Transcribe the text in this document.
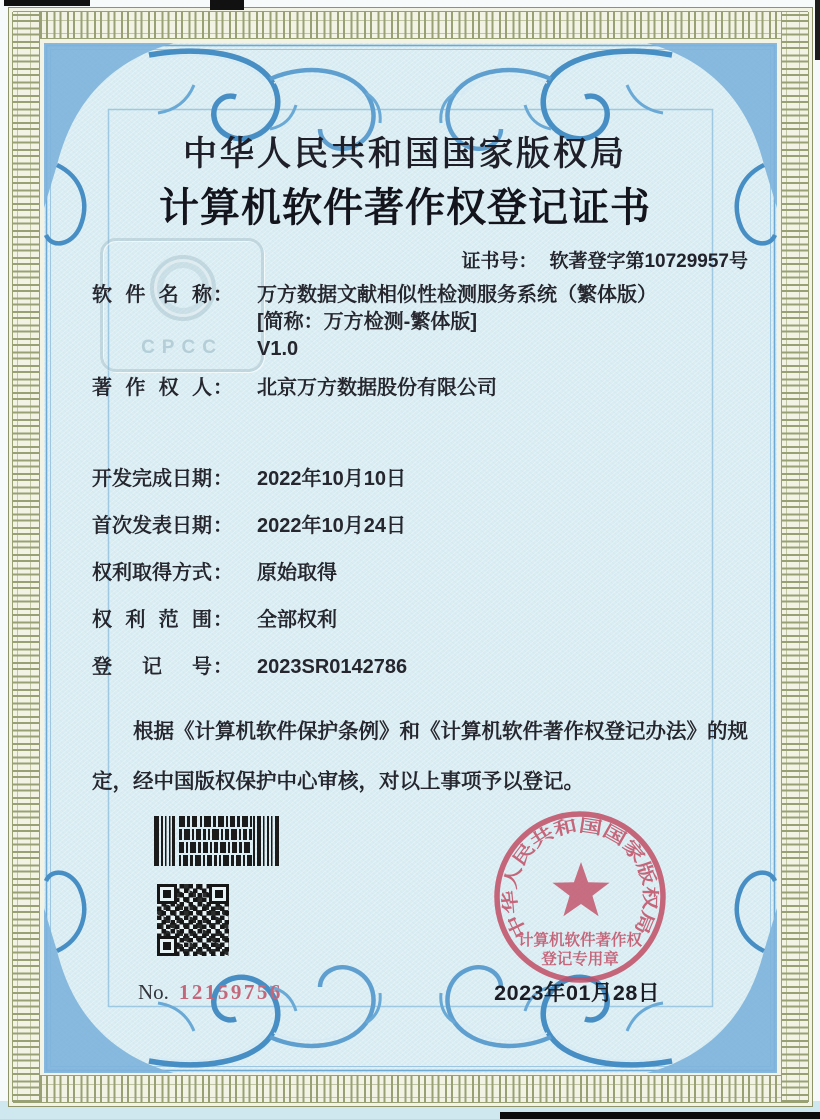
CPCC
中华人民共和国国家版权局
计算机软件著作权登记证书
证书号： 软著登字第10729957号
软件名称 ： 万方数据文献相似性检测服务系统（繁体版）
[简称：万方检测-繁体版]
V1.0
著作权人 ： 北京万方数据股份有限公司
开发完成日期 ： 2022年10月10日
首次发表日期 ： 2022年10月24日
权利取得方式 ： 原始取得
权利范围 ： 全部权利
登记号 ： 2023SR0142786
根据《计算机软件保护条例》和《计算机软件著作权登记办法》的规定，经中国版权保护中心审核，对以上事项予以登记。
中华人民共和国国家版权局
计算机软件著作权
登记专用章
No. 12159756	2023年01月28日
